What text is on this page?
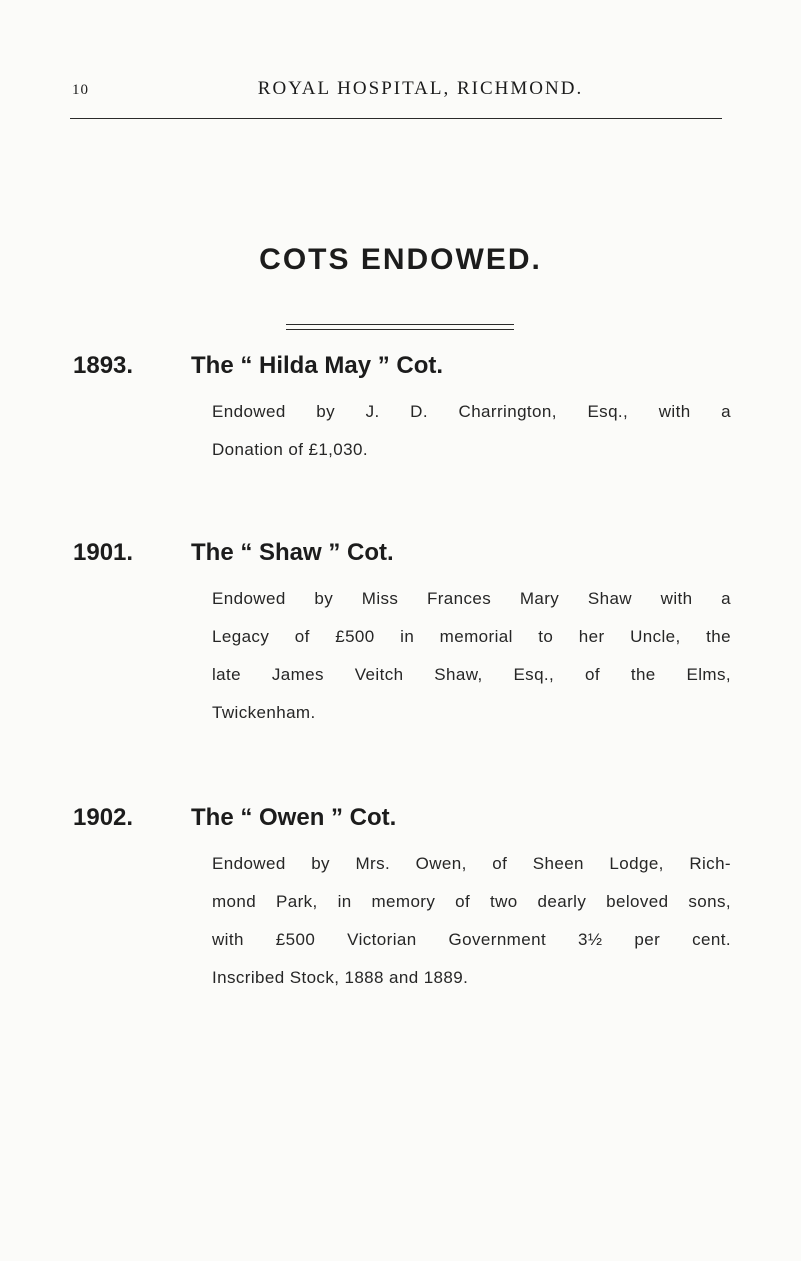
10	ROYAL HOSPITAL, RICHMOND.
COTS ENDOWED.
1893. The “ Hilda May ” Cot.
Endowed by J. D. Charrington, Esq., with a
Donation of £1,030.
1901. The “ Shaw ” Cot.
Endowed by Miss Frances Mary Shaw with a
Legacy of £500 in memorial to her Uncle, the
late James Veitch Shaw, Esq., of the Elms,
Twickenham.
1902. The “ Owen ” Cot.
Endowed by Mrs. Owen, of Sheen Lodge, Rich-
mond Park, in memory of two dearly beloved sons,
with £500 Victorian Government 3½ per cent.
Inscribed Stock, 1888 and 1889.
